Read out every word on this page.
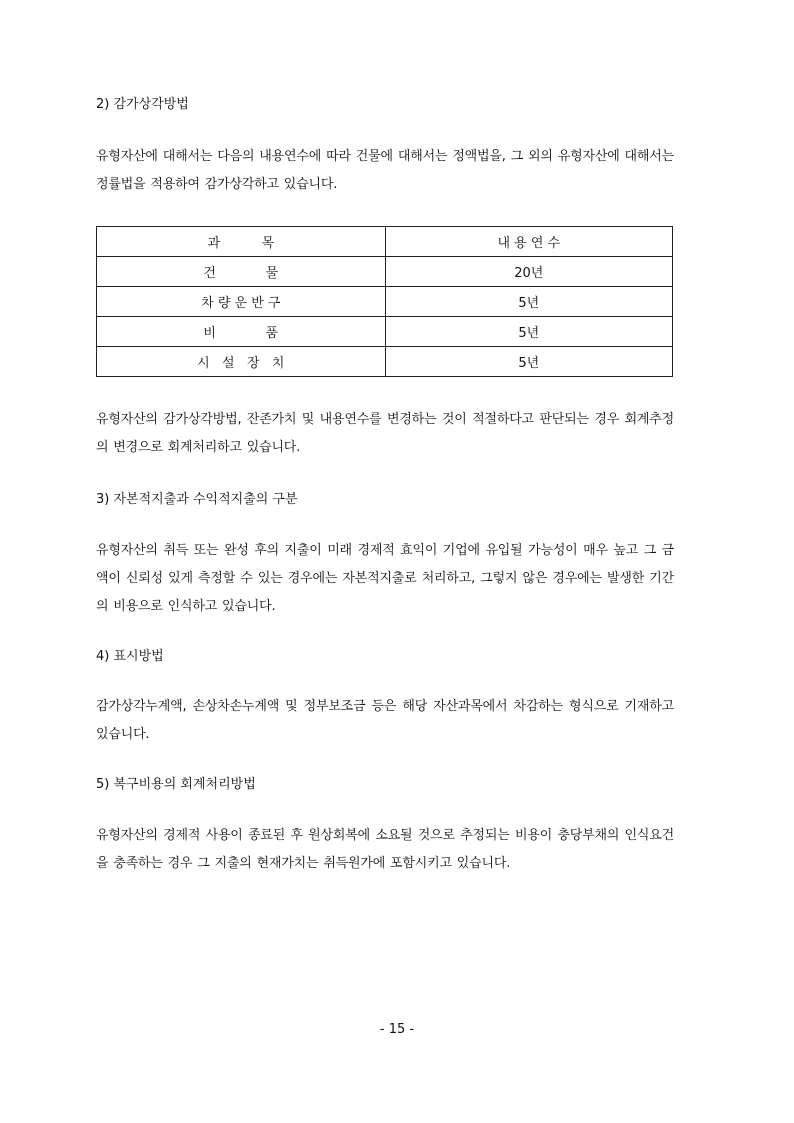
2) 감가상각방법
유형자산에 대해서는 다음의 내용연수에 따라 건물에 대해서는 정액법을, 그 외의 유형자산에 대해서는 정률법을 적용하여 감가상각하고 있습니다.
과          목	내 용 연 수
건            물	20년
차 량 운 반 구	5년
비            품	5년
시   설   장   치	5년
유형자산의 감가상각방법, 잔존가치 및 내용연수를 변경하는 것이 적절하다고 판단되는 경우 회계추정의 변경으로 회계처리하고 있습니다.
3) 자본적지출과 수익적지출의 구분
유형자산의 취득 또는 완성 후의 지출이 미래 경제적 효익이 기업에 유입될 가능성이 매우 높고 그 금액이 신뢰성 있게 측정할 수 있는 경우에는 자본적지출로 처리하고, 그렇지 않은 경우에는 발생한 기간의 비용으로 인식하고 있습니다.
4) 표시방법
감가상각누계액, 손상차손누계액 및 정부보조금 등은 해당 자산과목에서 차감하는 형식으로 기재하고 있습니다.
5) 복구비용의 회계처리방법
유형자산의 경제적 사용이 종료된 후 원상회복에 소요될 것으로 추정되는 비용이 충당부채의 인식요건을 충족하는 경우 그 지출의 현재가치는 취득원가에 포함시키고 있습니다.
- 15 -
